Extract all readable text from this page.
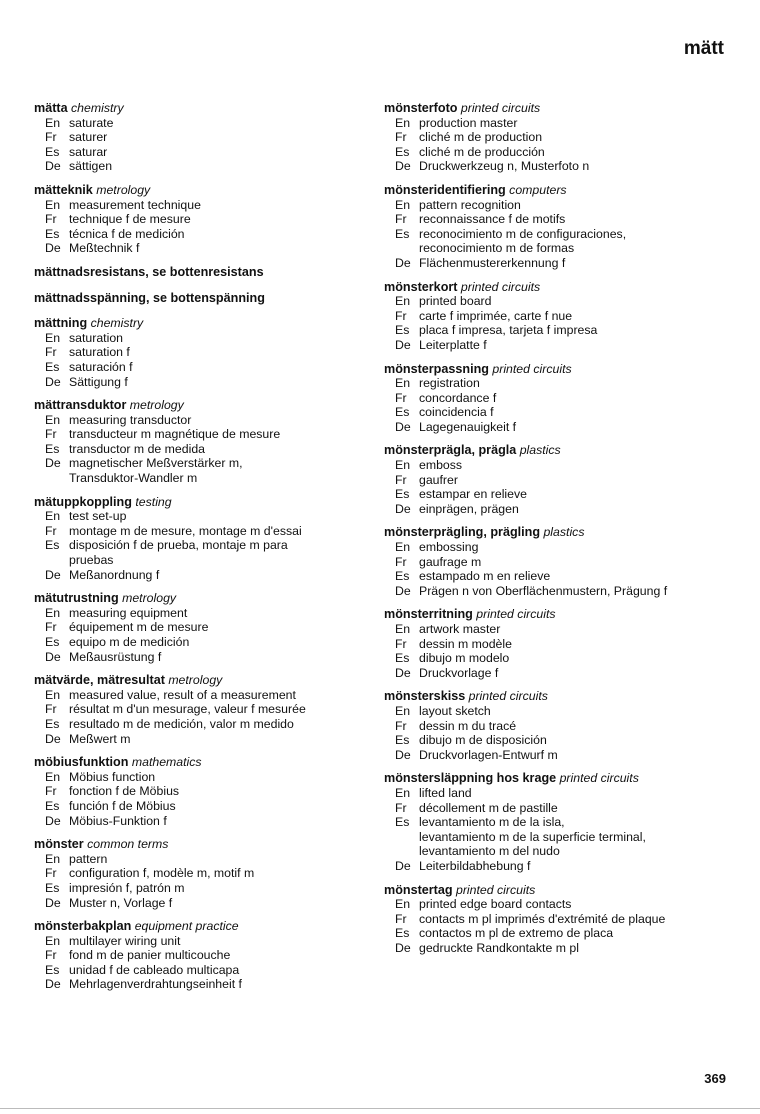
mätt
mätta chemistry
En saturate
Fr saturer
Es saturar
De sättigen
mätteknik metrology
En measurement technique
Fr technique f de mesure
Es técnica f de medición
De Meßtechnik f
mättnadsresistans, se bottenresistans
mättnadsspänning, se bottenspänning
mättning chemistry
En saturation
Fr saturation f
Es saturación f
De Sättigung f
mättransduktor metrology
En measuring transductor
Fr transducteur m magnétique de mesure
Es transductor m de medida
De magnetischer Meßverstärker m,
Transduktor-Wandler m
mätuppkoppling testing
En test set-up
Fr montage m de mesure, montage m d'essai
Es disposición f de prueba, montaje m para
pruebas
De Meßanordnung f
mätutrustning metrology
En measuring equipment
Fr équipement m de mesure
Es equipo m de medición
De Meßausrüstung f
mätvärde, mätresultat metrology
En measured value, result of a measurement
Fr résultat m d'un mesurage, valeur f mesurée
Es resultado m de medición, valor m medido
De Meßwert m
möbiusfunktion mathematics
En Möbius function
Fr fonction f de Möbius
Es función f de Möbius
De Möbius-Funktion f
mönster common terms
En pattern
Fr configuration f, modèle m, motif m
Es impresión f, patrón m
De Muster n, Vorlage f
mönsterbakplan equipment practice
En multilayer wiring unit
Fr fond m de panier multicouche
Es unidad f de cableado multicapa
De Mehrlagenverdrahtungseinheit f
mönsterfoto printed circuits
En production master
Fr cliché m de production
Es cliché m de producción
De Druckwerkzeug n, Musterfoto n
mönsteridentifiering computers
En pattern recognition
Fr reconnaissance f de motifs
Es reconocimiento m de configuraciones,
reconocimiento m de formas
De Flächenmustererkennung f
mönsterkort printed circuits
En printed board
Fr carte f imprimée, carte f nue
Es placa f impresa, tarjeta f impresa
De Leiterplatte f
mönsterpassning printed circuits
En registration
Fr concordance f
Es coincidencia f
De Lagegenauigkeit f
mönsterprägla, prägla plastics
En emboss
Fr gaufrer
Es estampar en relieve
De einprägen, prägen
mönsterprägling, prägling plastics
En embossing
Fr gaufrage m
Es estampado m en relieve
De Prägen n von Oberflächenmustern, Prägung f
mönsterritning printed circuits
En artwork master
Fr dessin m modèle
Es dibujo m modelo
De Druckvorlage f
mönsterskiss printed circuits
En layout sketch
Fr dessin m du tracé
Es dibujo m de disposición
De Druckvorlagen-Entwurf m
mönstersläppning hos krage printed circuits
En lifted land
Fr décollement m de pastille
Es levantamiento m de la isla,
levantamiento m de la superficie terminal,
levantamiento m del nudo
De Leiterbildabhebung f
mönstertag printed circuits
En printed edge board contacts
Fr contacts m pl imprimés d'extrémité de plaque
Es contactos m pl de extremo de placa
De gedruckte Randkontakte m pl
369
